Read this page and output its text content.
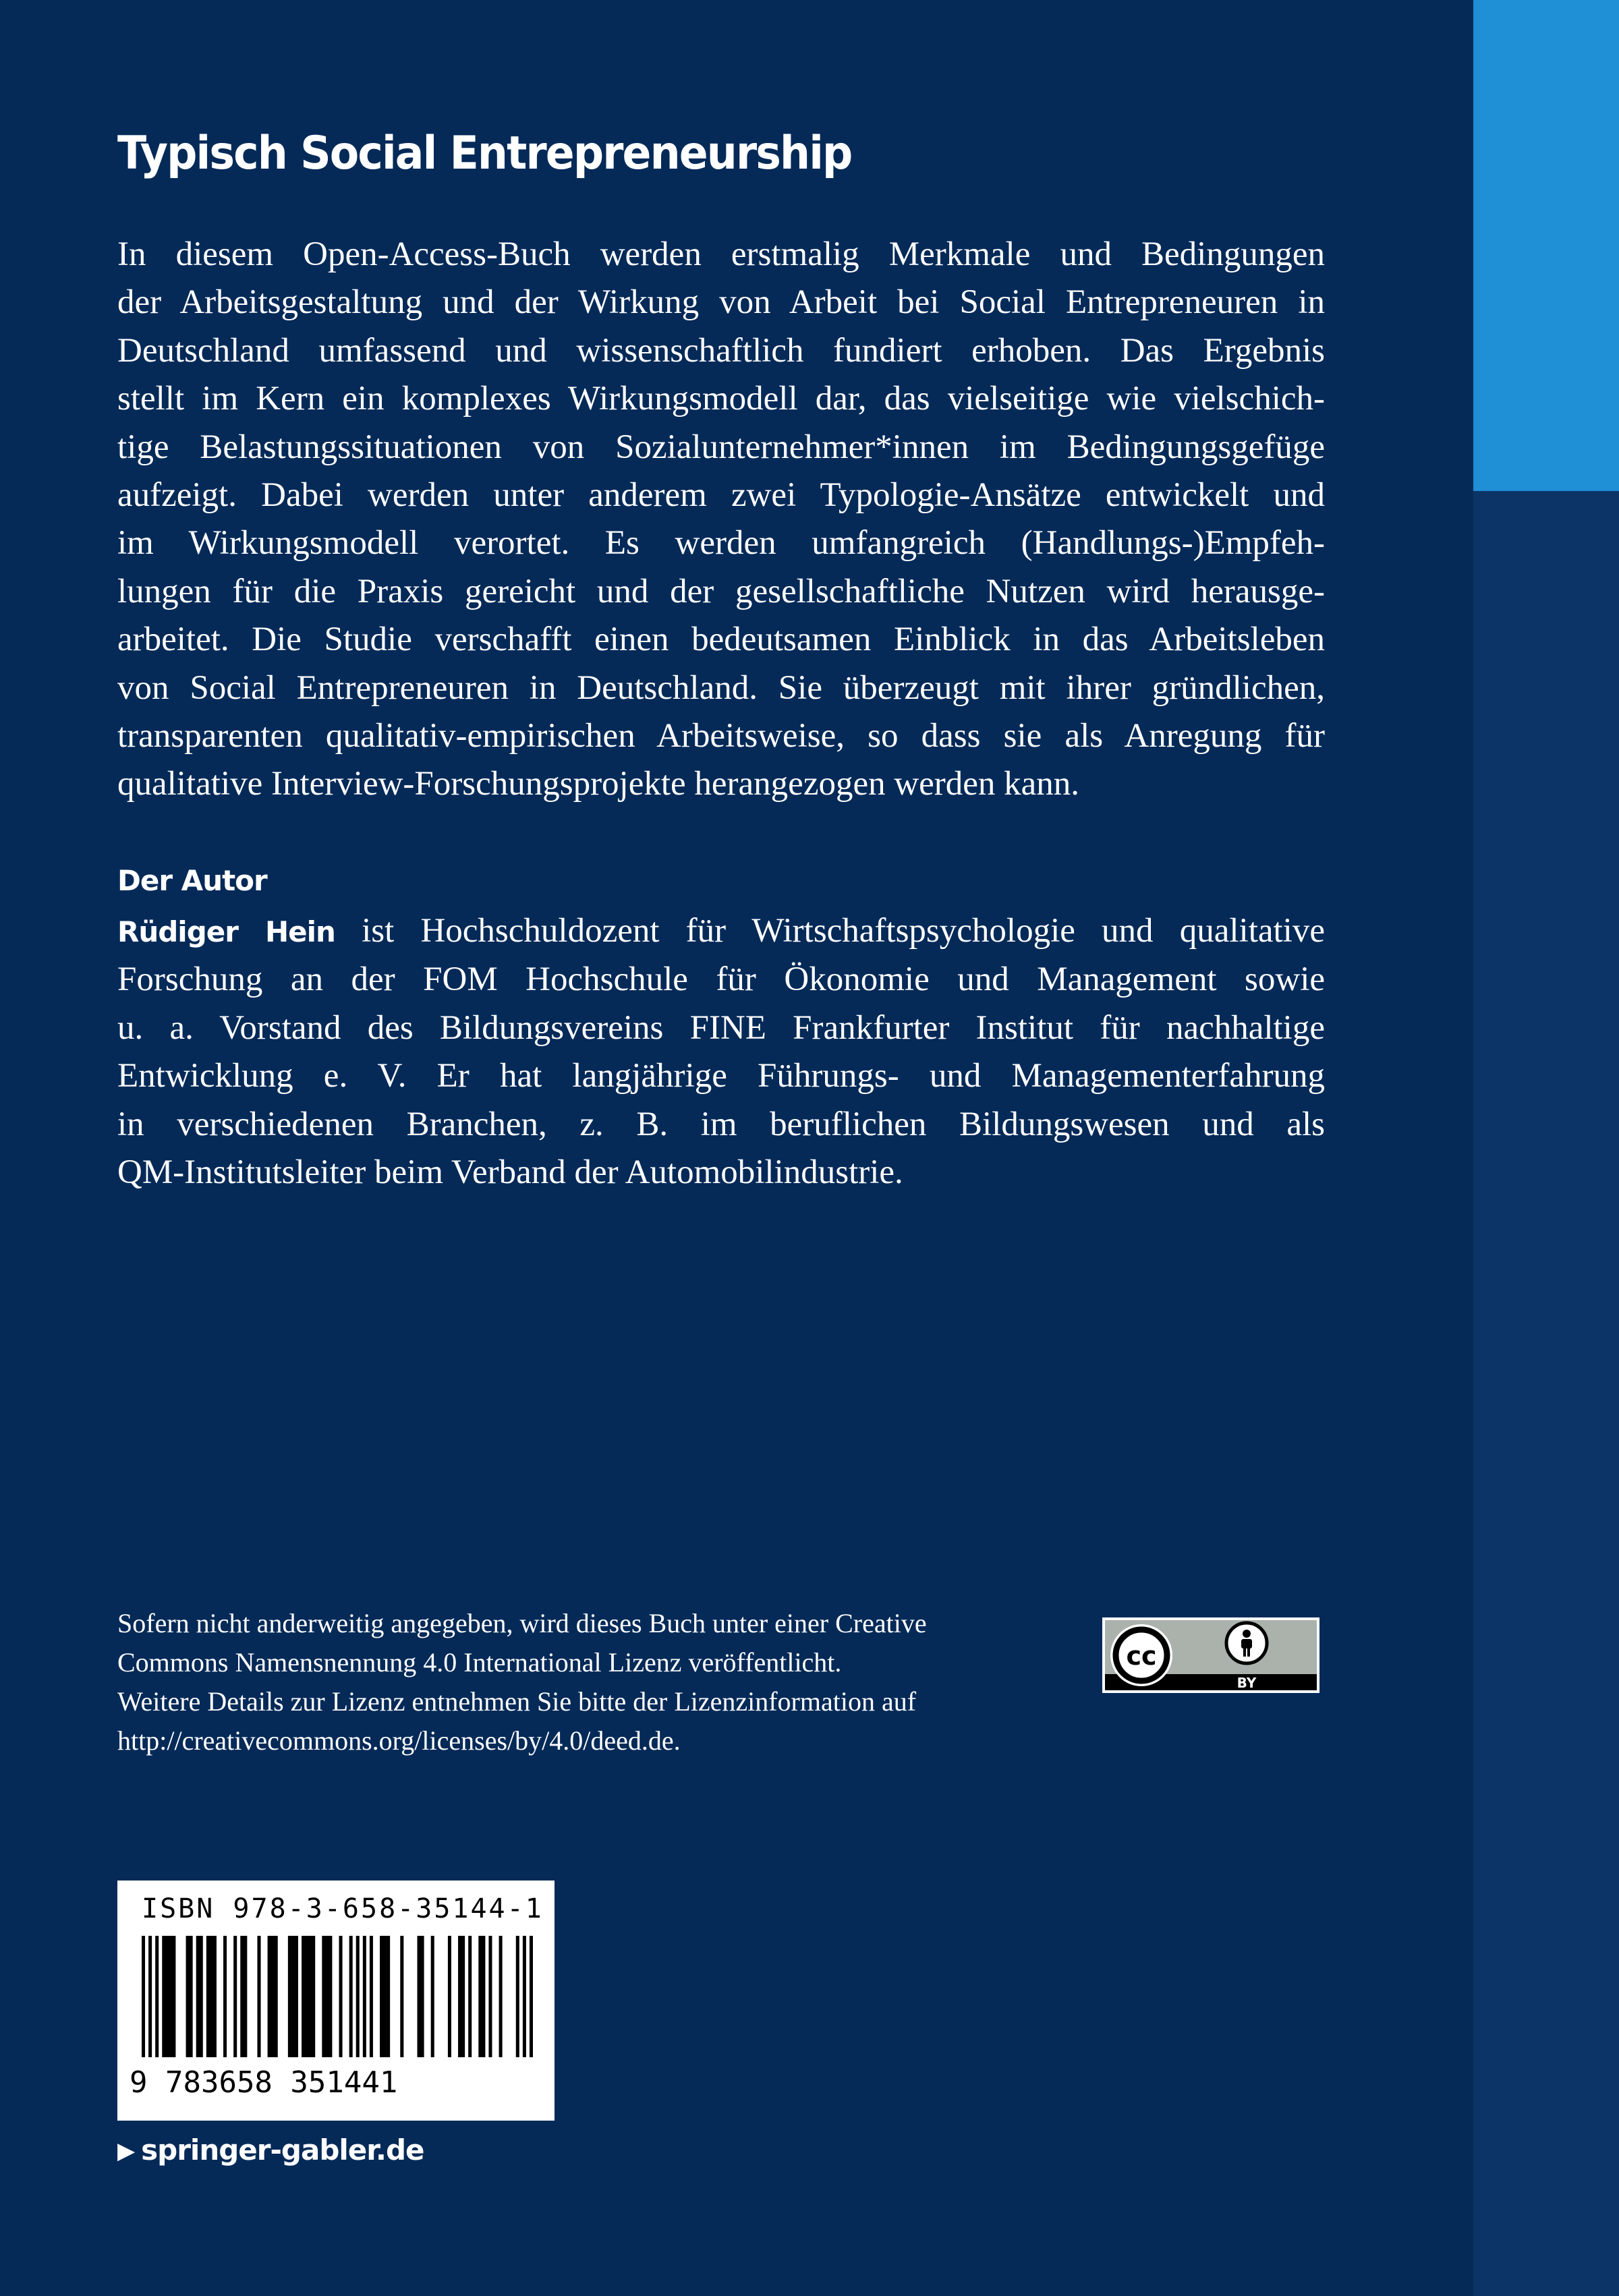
Typisch Social Entrepreneurship
In diesem Open-Access-Buch werden erstmalig Merkmale und Bedingungen
der Arbeitsgestaltung und der Wirkung von Arbeit bei Social Entrepreneuren in
Deutschland umfassend und wissenschaftlich fundiert erhoben. Das Ergebnis
stellt im Kern ein komplexes Wirkungsmodell dar, das vielseitige wie vielschich-
tige Belastungssituationen von Sozialunternehmer*innen im Bedingungsgefüge
aufzeigt. Dabei werden unter anderem zwei Typologie-Ansätze entwickelt und
im Wirkungsmodell verortet. Es werden umfangreich (Handlungs-)Empfeh-
lungen für die Praxis gereicht und der gesellschaftliche Nutzen wird herausge-
arbeitet. Die Studie verschafft einen bedeutsamen Einblick in das Arbeitsleben
von Social Entrepreneuren in Deutschland. Sie überzeugt mit ihrer gründlichen,
transparenten qualitativ-empirischen Arbeitsweise, so dass sie als Anregung für
qualitative Interview-Forschungsprojekte herangezogen werden kann.
Der Autor
Rüdiger Hein ist Hochschuldozent für Wirtschaftspsychologie und qualitative
Forschung an der FOM Hochschule für Ökonomie und Management sowie
u. a. Vorstand des Bildungsvereins FINE Frankfurter Institut für nachhaltige
Entwicklung e. V. Er hat langjährige Führungs- und Managementerfahrung
in verschiedenen Branchen, z. B. im beruflichen Bildungswesen und als
QM-Institutsleiter beim Verband der Automobilindustrie.
Sofern nicht anderweitig angegeben, wird dieses Buch unter einer Creative
Commons Namensnennung 4.0 International Lizenz veröffentlicht.
Weitere Details zur Lizenz entnehmen Sie bitte der Lizenzinformation auf
http://creativecommons.org/licenses/by/4.0/deed.de.
cc
BY

ISBN 978-3-658-35144-1

9 783658 351441

▶ springer-gabler.de
